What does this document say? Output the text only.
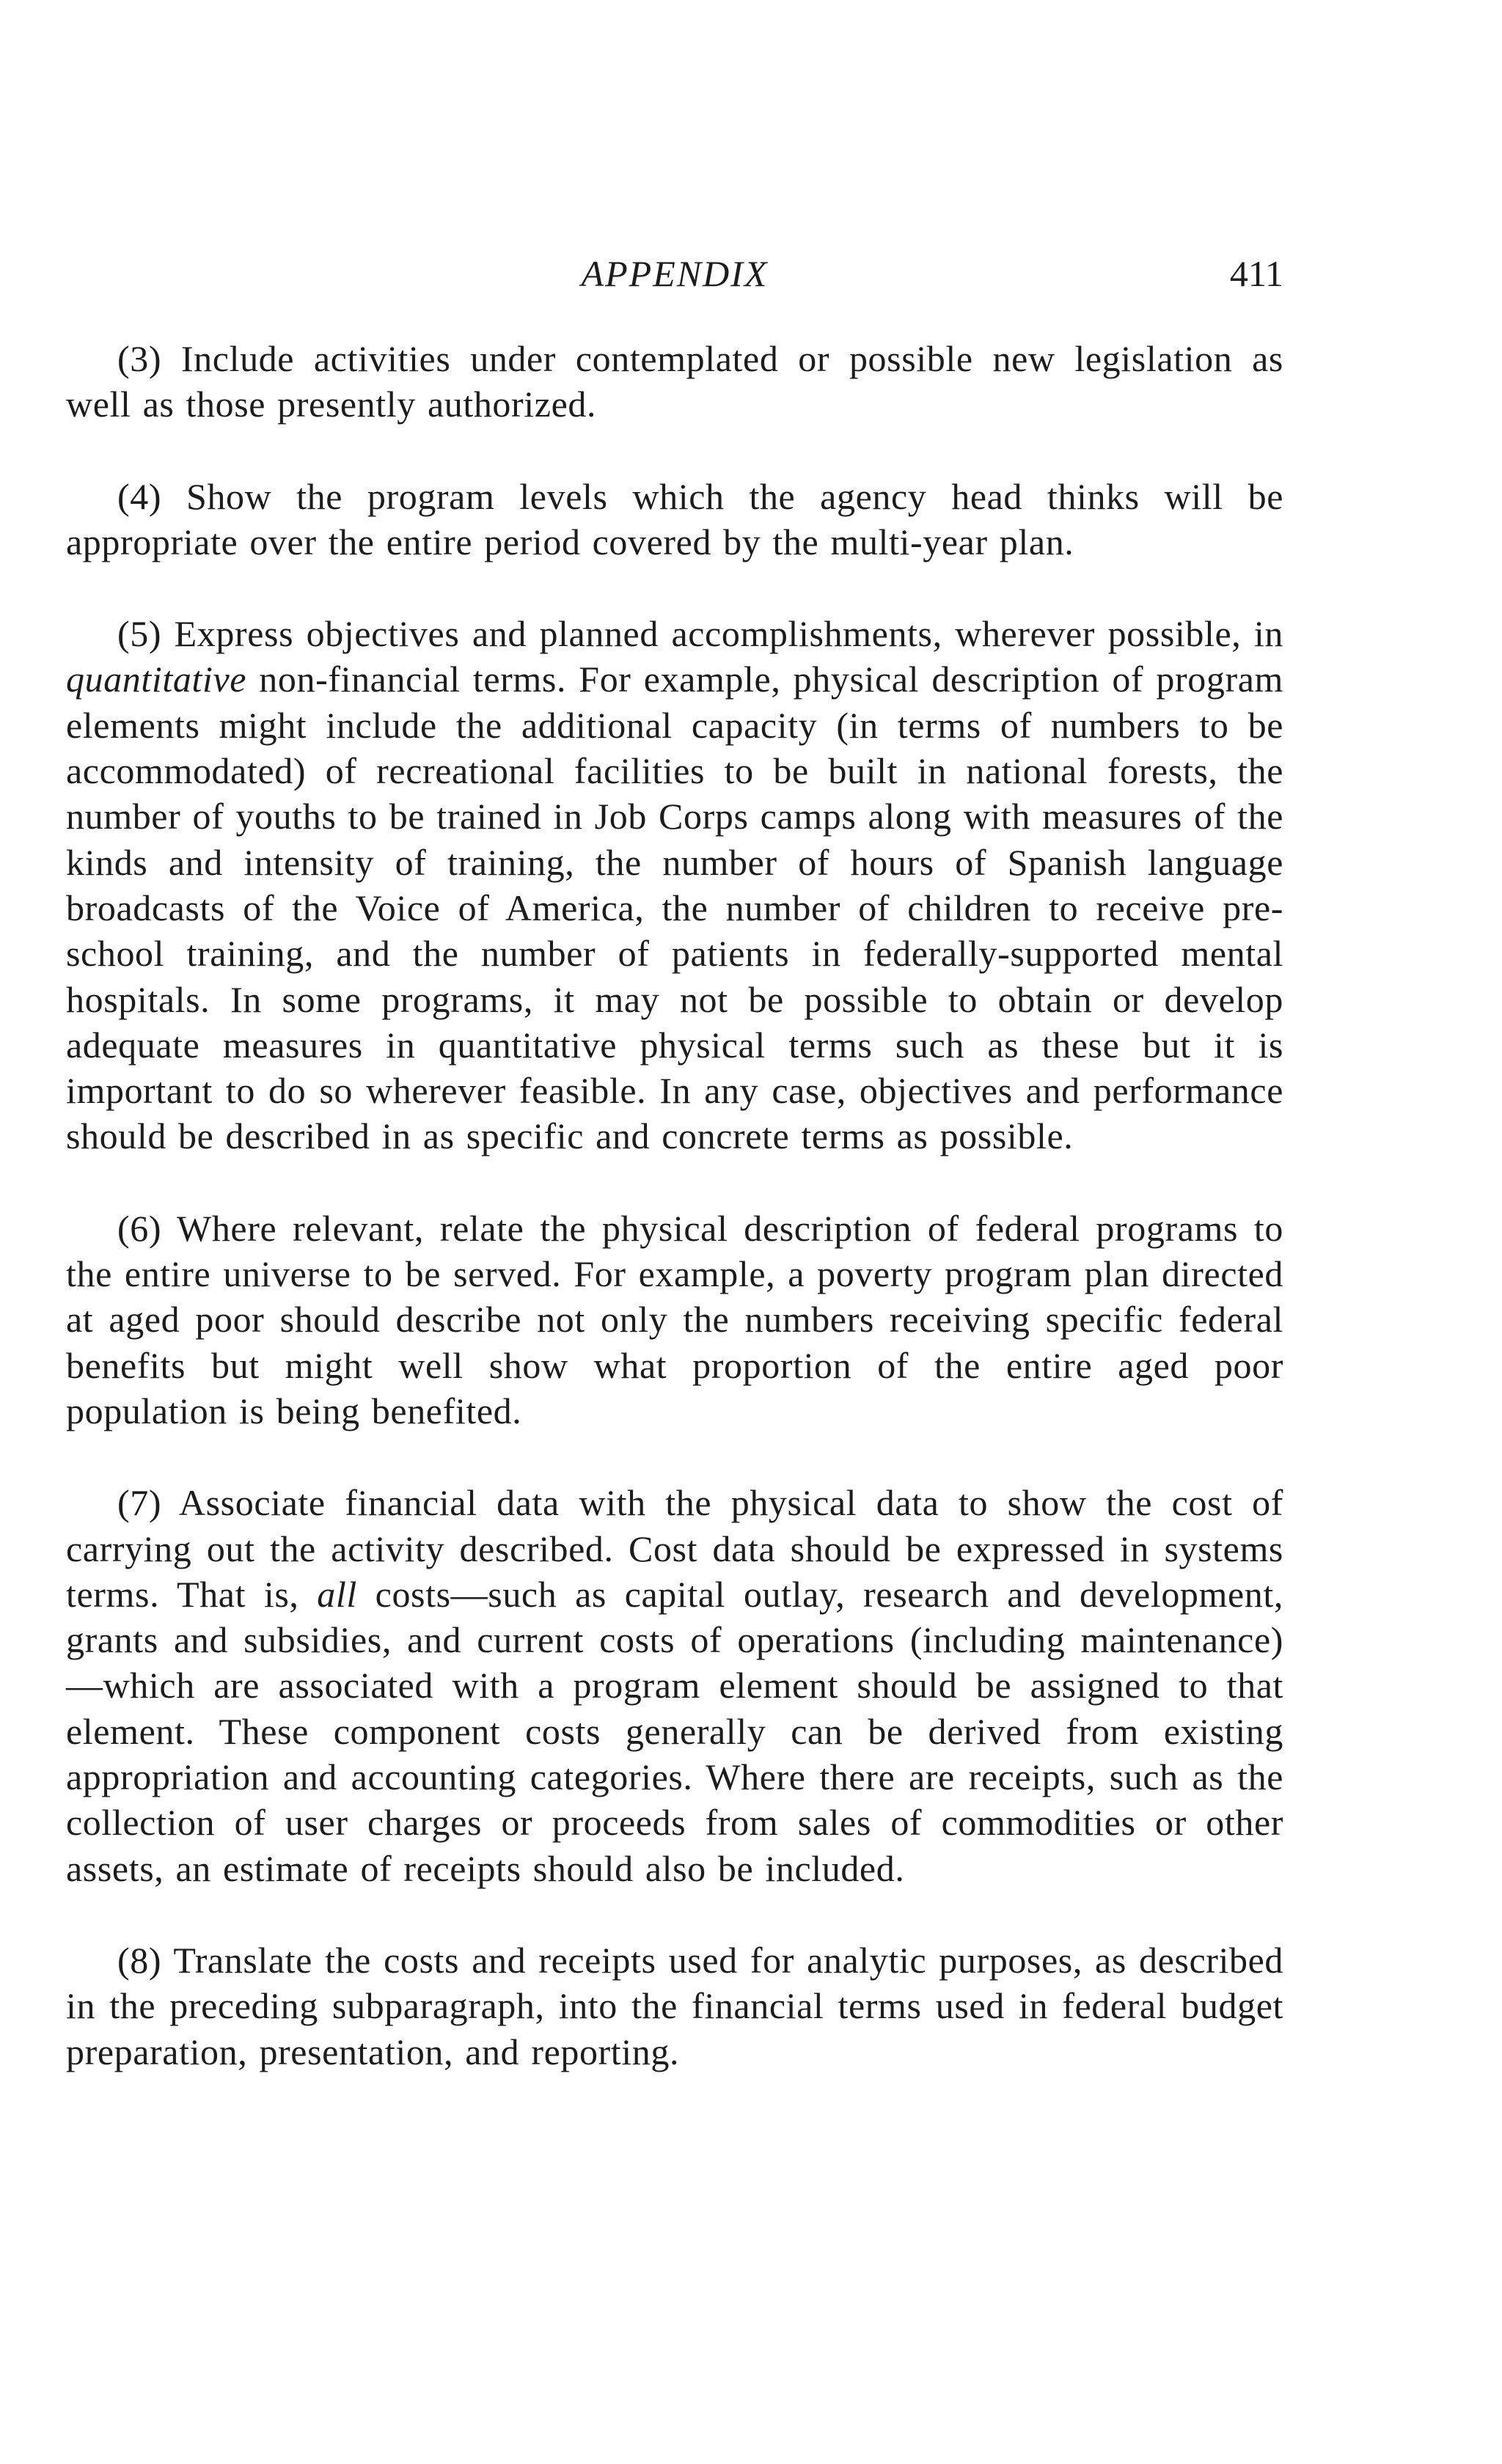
APPENDIX	411

(3) Include activities under contemplated or possible new legislation as well as those presently authorized.

(4) Show the program levels which the agency head thinks will be appropriate over the entire period covered by the multi-year plan.

(5) Express objectives and planned accomplishments, wherever possible, in quantitative non-financial terms. For example, physical description of program elements might include the additional capacity (in terms of numbers to be accommodated) of recreational facilities to be built in national forests, the number of youths to be trained in Job Corps camps along with measures of the kinds and intensity of training, the number of hours of Spanish language broadcasts of the Voice of America, the number of children to receive pre-school training, and the number of patients in federally-supported mental hospitals. In some programs, it may not be possible to obtain or develop adequate measures in quantitative physical terms such as these but it is important to do so wherever feasible. In any case, objectives and performance should be described in as specific and concrete terms as possible.

(6) Where relevant, relate the physical description of federal programs to the entire universe to be served. For example, a poverty program plan directed at aged poor should describe not only the numbers receiving specific federal benefits but might well show what proportion of the entire aged poor population is being benefited.

(7) Associate financial data with the physical data to show the cost of carrying out the activity described. Cost data should be expressed in systems terms. That is, all costs—such as capital outlay, research and development, grants and subsidies, and current costs of operations (including maintenance)—which are associated with a program element should be assigned to that element. These component costs generally can be derived from existing appropriation and accounting categories. Where there are receipts, such as the collection of user charges or proceeds from sales of commodities or other assets, an estimate of receipts should also be included.

(8) Translate the costs and receipts used for analytic purposes, as described in the preceding subparagraph, into the financial terms used in federal budget preparation, presentation, and reporting.
